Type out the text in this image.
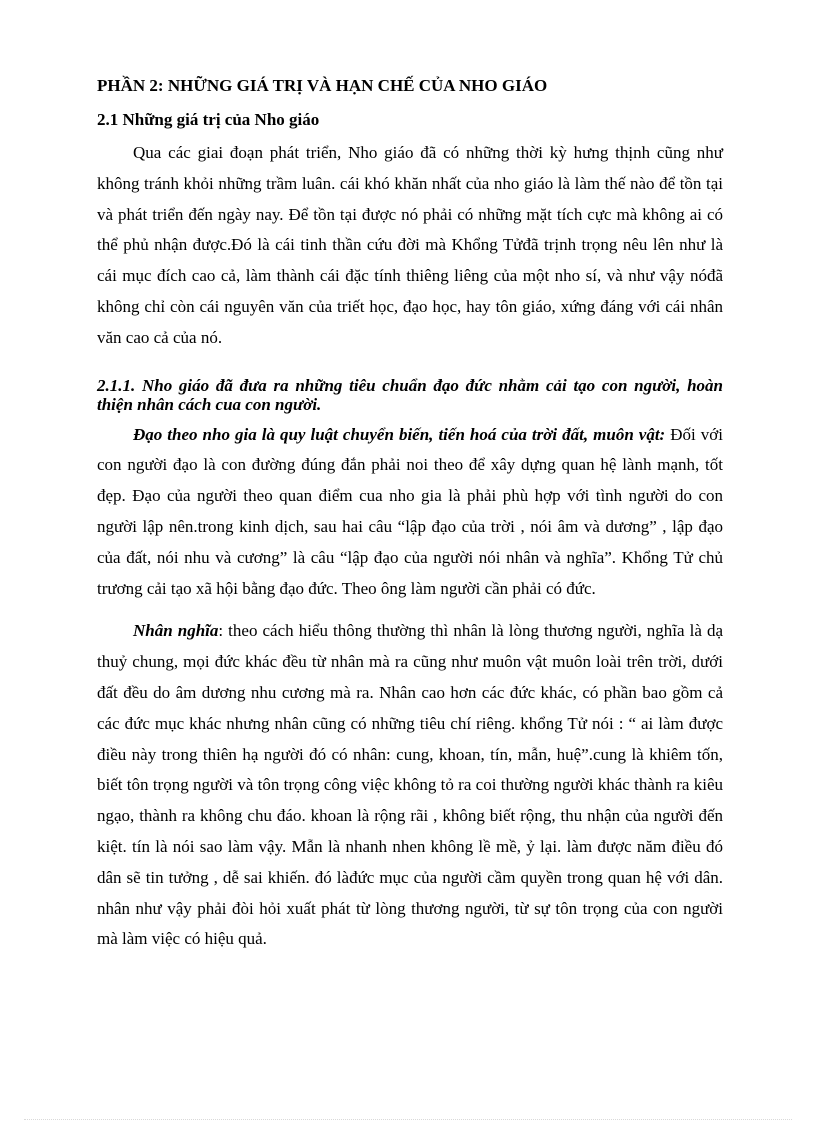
PHẦN 2: NHỮNG GIÁ TRỊ VÀ HẠN CHẾ CỦA NHO GIÁO
2.1 Những giá trị của Nho giáo

Qua các giai đoạn phát triển, Nho giáo đã có những thời kỳ hưng thịnh cũng như không tránh khỏi những trầm luân. cái khó khăn nhất của nho giáo là làm thế nào để tồn tại và phát triển đến ngày nay. Để tồn tại được nó phải có những mặt tích cực mà không ai có thể phủ nhận được.Đó là cái tinh thần cứu đời mà Khổng Tửđã trịnh trọng nêu lên như là cái mục đích cao cả, làm thành cái đặc tính thiêng liêng của một nho sí, và như vậy nóđã không chỉ còn cái nguyên văn của triết học, đạo học, hay tôn giáo, xứng đáng với cái nhân văn cao cả của nó.

2.1.1. Nho giáo đã đưa ra những tiêu chuẩn đạo đức nhằm cải tạo con người, hoàn thiện nhân cách cua con người.

Đạo theo nho gia là quy luật chuyển biến, tiến hoá của trời đất, muôn vật: Đối với con người đạo là con đường đúng đắn phải noi theo để xây dựng quan hệ lành mạnh, tốt đẹp. Đạo của người theo quan điểm cua nho gia là phải phù hợp với tình người do con người lập nên.trong kinh dịch, sau hai câu “lập đạo của trời , nói âm và dương” , lập đạo của đất, nói nhu và cương” là câu “lập đạo của người nói nhân và nghĩa”. Khổng Tử chủ trương cải tạo xã hội bằng đạo đức. Theo ông làm người cần phải có đức.

Nhân nghĩa: theo cách hiểu thông thường thì nhân là lòng thương người, nghĩa là dạ thuỷ chung, mọi đức khác đều từ nhân mà ra cũng như muôn vật muôn loài trên trời, dưới đất đều do âm dương nhu cương mà ra. Nhân cao hơn các đức khác, có phần bao gồm cả các đức mục khác nhưng nhân cũng có những tiêu chí riêng. khổng Tử nói : “ ai làm được điều này trong thiên hạ người đó có nhân: cung, khoan, tín, mẫn, huệ”.cung là khiêm tốn, biết tôn trọng người và tôn trọng công việc không tỏ ra coi thường người khác thành ra kiêu ngạo, thành ra không chu đáo. khoan là rộng rãi , không biết rộng, thu nhận của người đến kiệt. tín là nói sao làm vậy. Mẫn là nhanh nhen không lề mề, ỷ lại. làm được năm điều đó dân sẽ tin tưởng , dễ sai khiến. đó làđức mục của người cầm quyền trong quan hệ với dân. nhân như vậy phải đòi hỏi xuất phát từ lòng thương người, từ sự tôn trọng của con người mà làm việc có hiệu quả.
